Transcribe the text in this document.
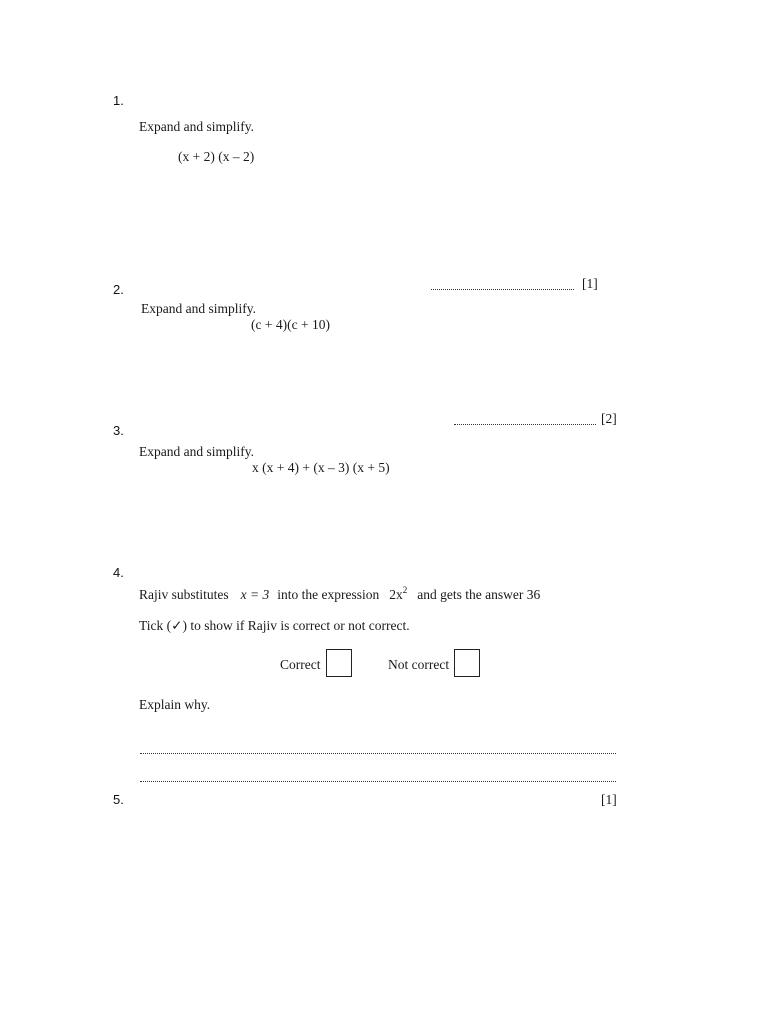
1.
Expand and simplify.
(x + 2) (x – 2)
[1]
2.
Expand and simplify.
(c + 4)(c + 10)
[2]
3.
Expand and simplify.
x (x + 4) + (x – 3) (x + 5)
4.
Rajiv substitutes x = 3 into the expression $2x^2$ and gets the answer 36
Tick (✓) to show if Rajiv is correct or not correct.
Correct	Not correct
Explain why.
[1]
5.
